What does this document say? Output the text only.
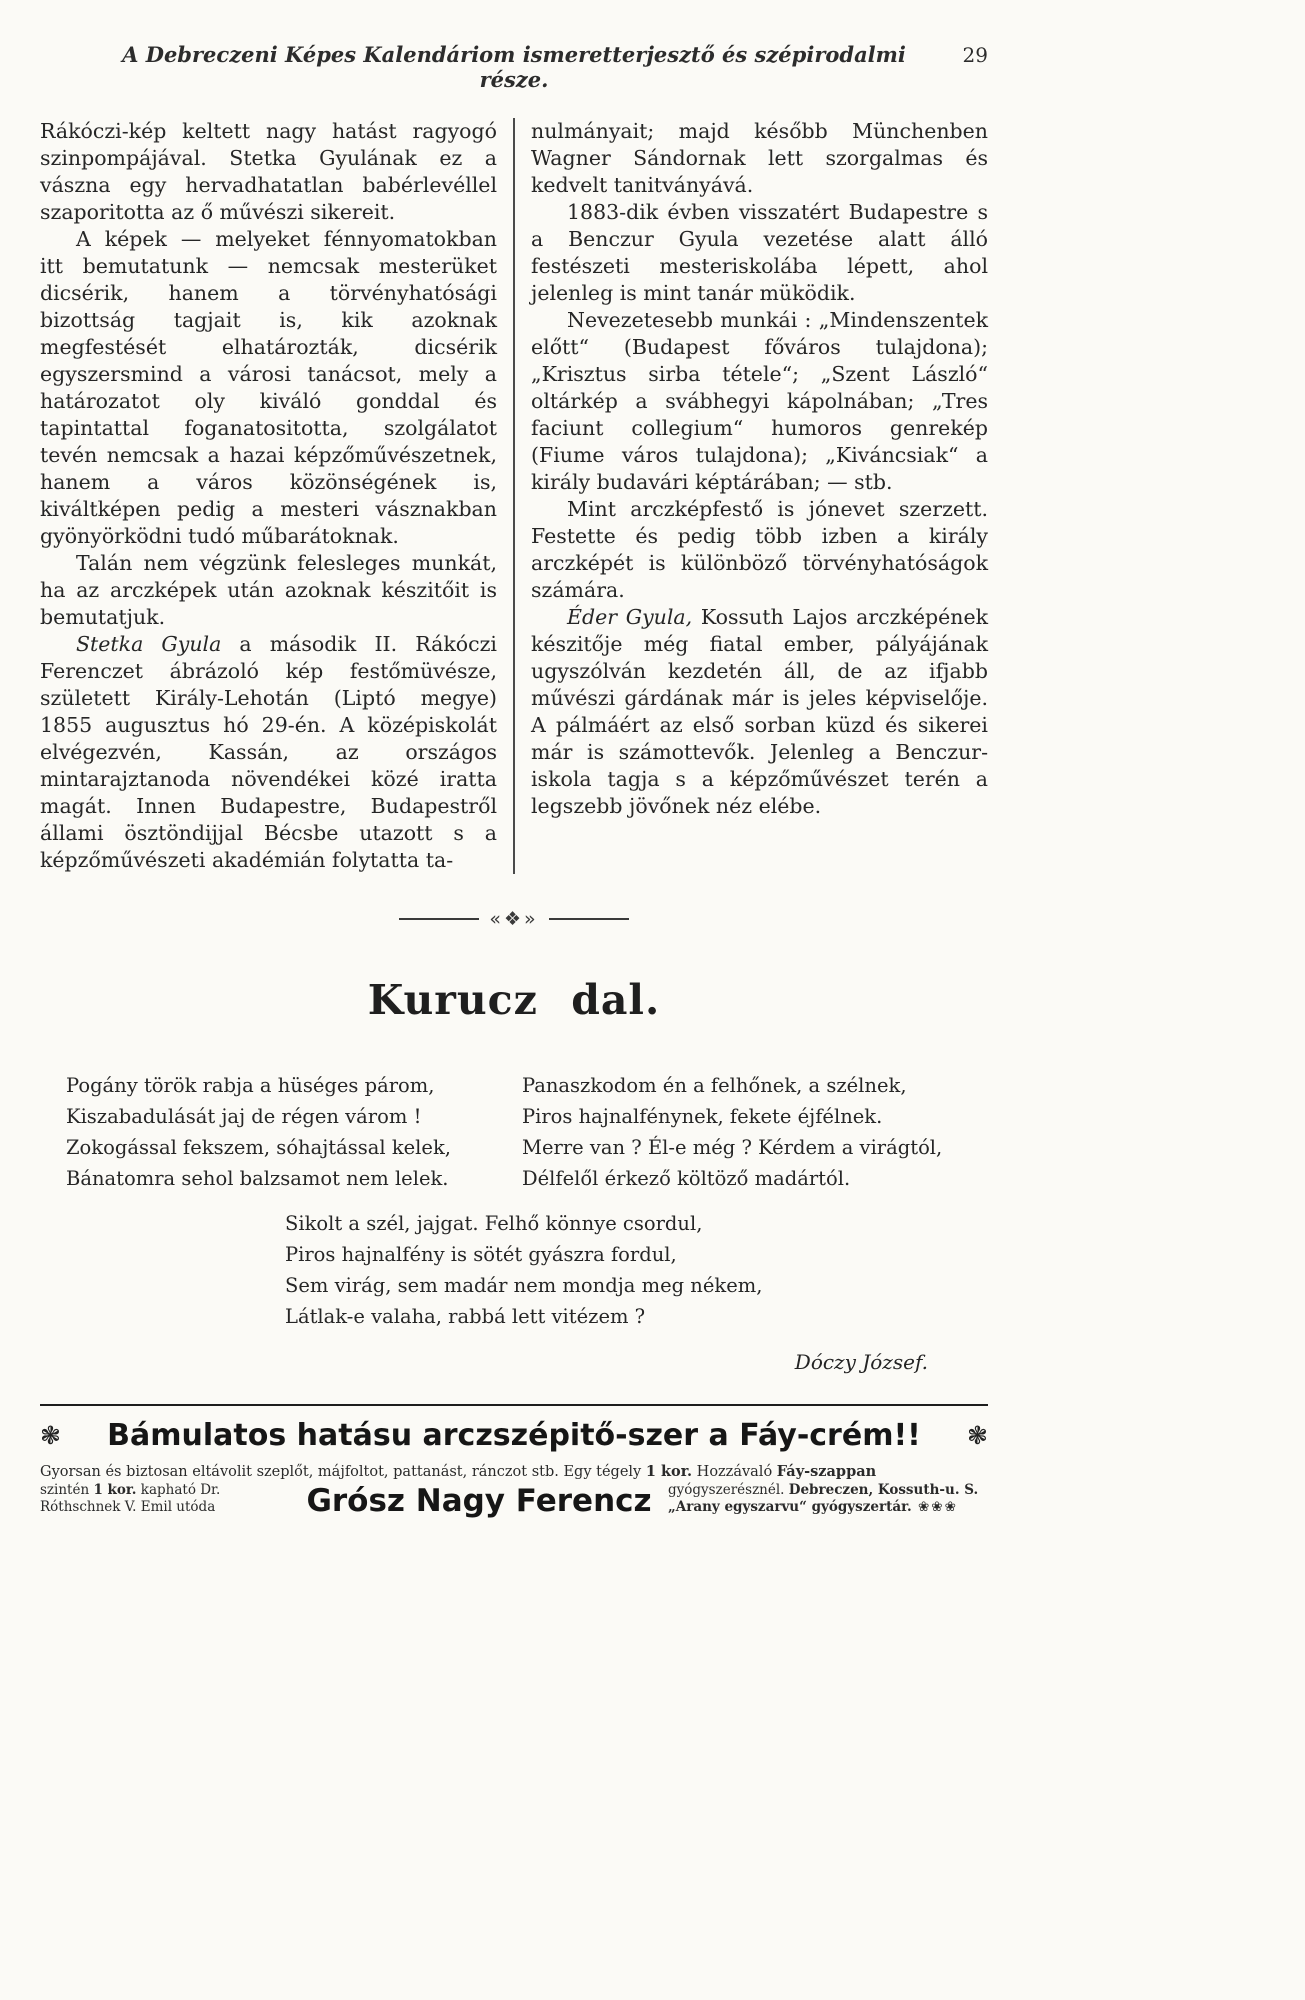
A Debreczeni Képes Kalendáriom ismeretterjesztő és szépirodalmi része.
29

Rákóczi-kép keltett nagy hatást ragyogó szinpompájával. Stetka Gyulának ez a vászna egy hervadhatatlan babérlevéllel szaporitotta az ő művészi sikereit.

A képek — melyeket fénnyomatokban itt bemutatunk — nemcsak mesterüket dicsérik, hanem a törvényhatósági bizottság tagjait is, kik azoknak megfestését elhatározták, dicsérik egyszersmind a városi tanácsot, mely a határozatot oly kiváló gonddal és tapintattal foganatositotta, szolgálatot tevén nemcsak a hazai képzőművészetnek, hanem a város közönségének is, kiváltképen pedig a mesteri vásznakban gyönyörködni tudó műbarátoknak.

Talán nem végzünk felesleges munkát, ha az arczképek után azoknak készitőit is bemutatjuk.

Stetka Gyula a második II. Rákóczi Ferenczet ábrázoló kép festőmüvésze, született Király-Lehotán (Liptó megye) 1855 augusztus hó 29-én. A középiskolát elvégezvén, Kassán, az országos mintarajztanoda növendékei közé iratta magát. Innen Budapestre, Budapestről állami ösztöndijjal Bécsbe utazott s a képzőművészeti akadémián folytatta ta-

nulmányait; majd később Münchenben Wagner Sándornak lett szorgalmas és kedvelt tanitványává.

1883-dik évben visszatért Budapestre s a Benczur Gyula vezetése alatt álló festészeti mesteriskolába lépett, ahol jelenleg is mint tanár müködik.

Nevezetesebb munkái : „Mindenszentek előtt“ (Budapest főváros tulajdona); „Krisztus sirba tétele“; „Szent László“ oltárkép a svábhegyi kápolnában; „Tres faciunt collegium“ humoros genrekép (Fiume város tulajdona); „Kiváncsiak“ a király budavári képtárában; — stb.

Mint arczképfestő is jónevet szerzett. Festette és pedig több izben a király arczképét is különböző törvényhatóságok számára.

Éder Gyula, Kossuth Lajos arczképének készitője még fiatal ember, pályájának ugyszólván kezdetén áll, de az ifjabb művészi gárdának már is jeles képviselője. A pálmáért az első sorban küzd és sikerei már is számottevők. Jelenleg a Benczur-iskola tagja s a képzőművészet terén a legszebb jövőnek néz elébe.

«❖»
Kurucz dal.
Pogány török rabja a hüséges párom,
Kiszabadulását jaj de régen várom !
Zokogással fekszem, sóhajtással kelek,
Bánatomra sehol balzsamot nem lelek.
Panaszkodom én a felhőnek, a szélnek,
Piros hajnalfénynek, fekete éjfélnek.
Merre van ? Él-e még ? Kérdem a virágtól,
Délfelől érkező költöző madártól.
Sikolt a szél, jajgat. Felhő könnye csordul,
Piros hajnalfény is sötét gyászra fordul,
Sem virág, sem madár nem mondja meg nékem,
Látlak-e valaha, rabbá lett vitézem ?
Dóczy József.
❃	Bámulatos hatásu arczszépitő-szer a Fáy-crém!!	❃
Gyorsan és biztosan eltávolit szeplőt, májfoltot, pattanást, ránczot stb. Egy tégely 1 kor. Hozzávaló Fáy-szappan
szintén 1 kor. kapható Dr.
Róthschnek V. Emil utóda	Grósz Nagy Ferencz	gyógyszerésznél. Debreczen, Kossuth-u. S.
„Arany egyszarvu“ gyógyszertár. ❀❀❀
